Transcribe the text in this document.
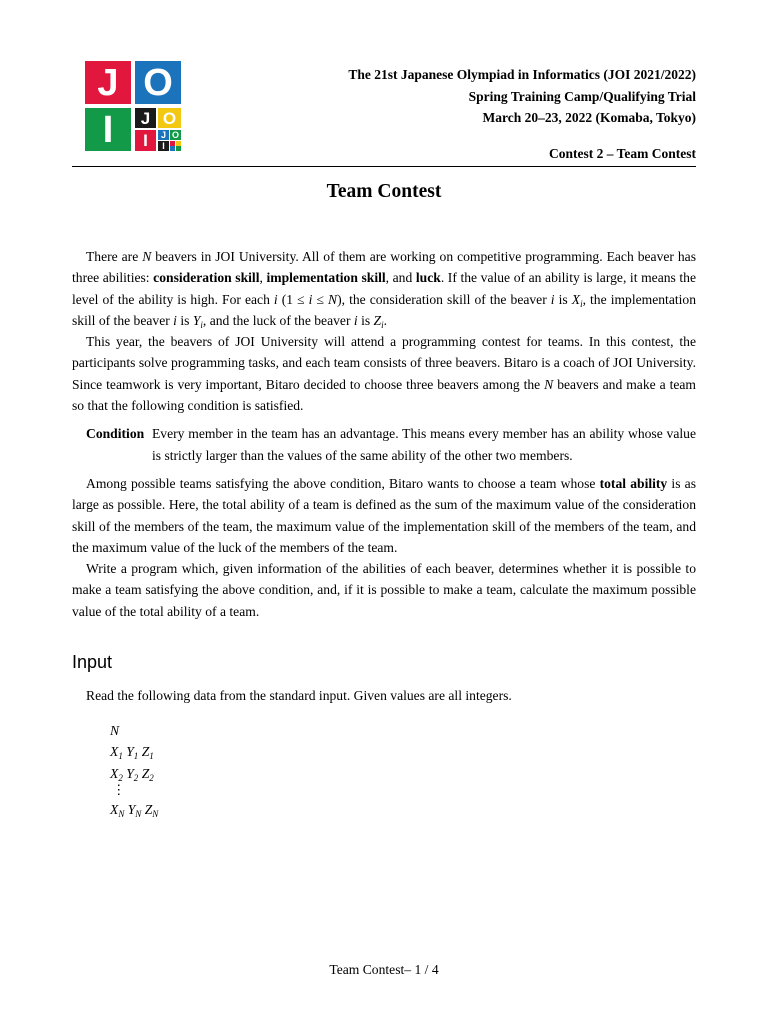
J O
I J O
I J O
I
The 21st Japanese Olympiad in Informatics (JOI 2021/2022)
Spring Training Camp/Qualifying Trial
March 20–23, 2022 (Komaba, Tokyo)
Contest 2 – Team Contest
Team Contest

There are N beavers in JOI University. All of them are working on competitive programming. Each beaver has three abilities: consideration skill, implementation skill, and luck. If the value of an ability is large, it means the level of the ability is high. For each i (1 ≤ i ≤ N), the consideration skill of the beaver i is $X_i$, the implementation skill of the beaver i is $Y_i$, and the luck of the beaver i is $Z_i$.

This year, the beavers of JOI University will attend a programming contest for teams. In this contest, the participants solve programming tasks, and each team consists of three beavers. Bitaro is a coach of JOI University. Since teamwork is very important, Bitaro decided to choose three beavers among the N beavers and make a team so that the following condition is satisfied.

Condition Every member in the team has an advantage. This means every member has an ability whose value is strictly larger than the values of the same ability of the other two members.

Among possible teams satisfying the above condition, Bitaro wants to choose a team whose total ability is as large as possible. Here, the total ability of a team is defined as the sum of the maximum value of the consideration skill of the members of the team, the maximum value of the implementation skill of the members of the team, and the maximum value of the luck of the members of the team.

Write a program which, given information of the abilities of each beaver, determines whether it is possible to make a team satisfying the above condition, and, if it is possible to make a team, calculate the maximum possible value of the total ability of a team.

Input
Read the following data from the standard input. Given values are all integers.
N
$X_1$ $Y_1$ $Z_1$
$X_2$ $Y_2$ $Z_2$
⋮
$X_N$ $Y_N$ $Z_N$
Team Contest– 1 / 4
